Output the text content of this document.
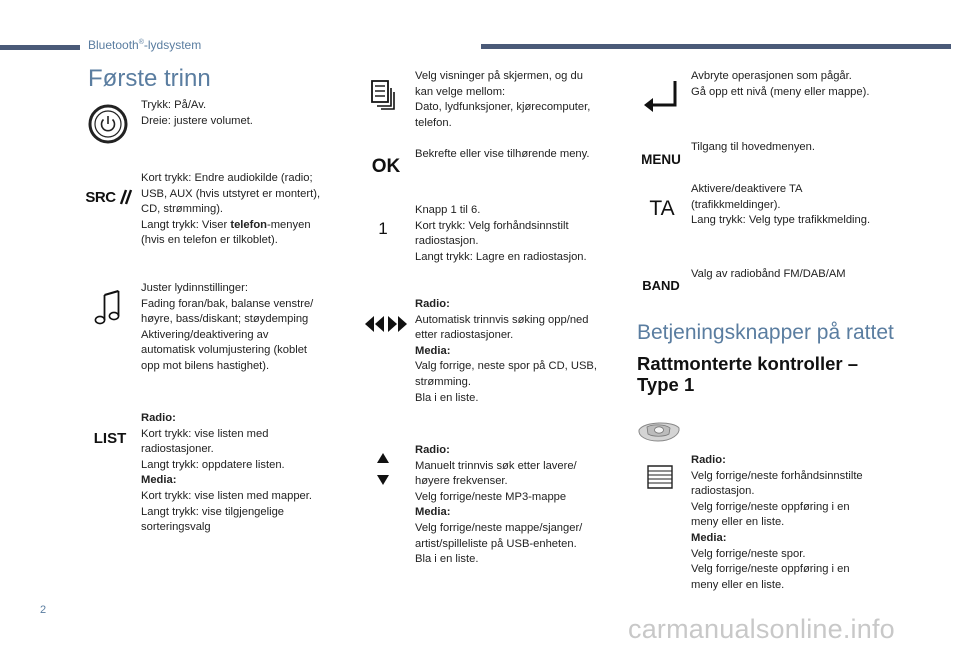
Bluetooth®-lydsystem
Første trinn
Trykk: På/Av.
Dreie: justere volumet.
SRC
Kort trykk: Endre audiokilde (radio;
USB, AUX (hvis utstyret er montert),
CD, strømming).
Langt trykk: Viser telefon-menyen
(hvis en telefon er tilkoblet).
Juster lydinnstillinger:
Fading foran/bak, balanse venstre/
høyre, bass/diskant; støydemping
Aktivering/deaktivering av
automatisk volumjustering (koblet
opp mot bilens hastighet).
LIST
Radio:
Kort trykk: vise listen med
radiostasjoner.
Langt trykk: oppdatere listen.
Media:
Kort trykk: vise listen med mapper.
Langt trykk: vise tilgjengelige
sorteringsvalg
Velg visninger på skjermen, og du
kan velge mellom:
Dato, lydfunksjoner, kjørecomputer,
telefon.
OK
Bekrefte eller vise tilhørende meny.
1
Knapp 1 til 6.
Kort trykk: Velg forhåndsinnstilt
radiostasjon.
Langt trykk: Lagre en radiostasjon.
Radio:
Automatisk trinnvis søking opp/ned
etter radiostasjoner.
Media:
Valg forrige, neste spor på CD, USB,
strømming.
Bla i en liste.
Radio:
Manuelt trinnvis søk etter lavere/
høyere frekvenser.
Velg forrige/neste MP3-mappe
Media:
Velg forrige/neste mappe/sjanger/
artist/spilleliste på USB-enheten.
Bla i en liste.
Avbryte operasjonen som pågår.
Gå opp ett nivå (meny eller mappe).
MENU
Tilgang til hovedmenyen.
TA
Aktivere/deaktivere TA
(trafikkmeldinger).
Lang trykk: Velg type trafikkmelding.
BAND
Valg av radiobånd FM/DAB/AM
Betjeningsknapper på rattet
Rattmonterte kontroller –
Type 1
Radio:
Velg forrige/neste forhåndsinnstilte
radiostasjon.
Velg forrige/neste oppføring i en
meny eller en liste.
Media:
Velg forrige/neste spor.
Velg forrige/neste oppføring i en
meny eller en liste.
2
carmanualsonline.info
